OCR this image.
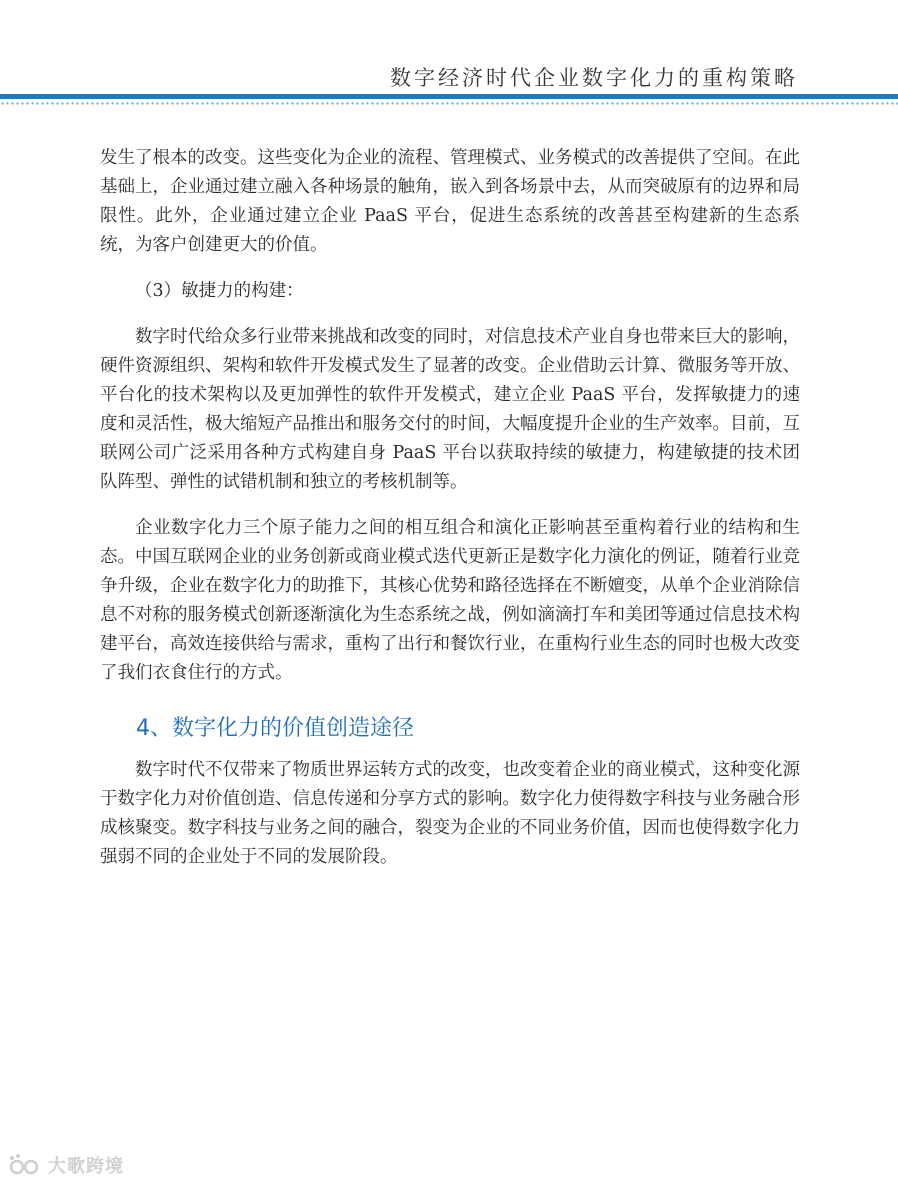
数字经济时代企业数字化力的重构策略

发生了根本的改变。这些变化为企业的流程、管理模式、业务模式的改善提供了空间。在此基础上，企业通过建立融入各种场景的触角，嵌入到各场景中去，从而突破原有的边界和局限性。此外，企业通过建立企业 PaaS 平台，促进生态系统的改善甚至构建新的生态系统，为客户创建更大的价值。

（3）敏捷力的构建：

数字时代给众多行业带来挑战和改变的同时，对信息技术产业自身也带来巨大的影响，硬件资源组织、架构和软件开发模式发生了显著的改变。企业借助云计算、微服务等开放、平台化的技术架构以及更加弹性的软件开发模式，建立企业 PaaS 平台，发挥敏捷力的速度和灵活性，极大缩短产品推出和服务交付的时间，大幅度提升企业的生产效率。目前，互联网公司广泛采用各种方式构建自身 PaaS 平台以获取持续的敏捷力，构建敏捷的技术团队阵型、弹性的试错机制和独立的考核机制等。

企业数字化力三个原子能力之间的相互组合和演化正影响甚至重构着行业的结构和生态。中国互联网企业的业务创新或商业模式迭代更新正是数字化力演化的例证，随着行业竞争升级，企业在数字化力的助推下，其核心优势和路径选择在不断嬗变，从单个企业消除信息不对称的服务模式创新逐渐演化为生态系统之战，例如滴滴打车和美团等通过信息技术构建平台，高效连接供给与需求，重构了出行和餐饮行业，在重构行业生态的同时也极大改变了我们衣食住行的方式。

4、数字化力的价值创造途径

数字时代不仅带来了物质世界运转方式的改变，也改变着企业的商业模式，这种变化源于数字化力对价值创造、信息传递和分享方式的影响。数字化力使得数字科技与业务融合形成核聚变。数字科技与业务之间的融合，裂变为企业的不同业务价值，因而也使得数字化力强弱不同的企业处于不同的发展阶段。

大歌跨境
